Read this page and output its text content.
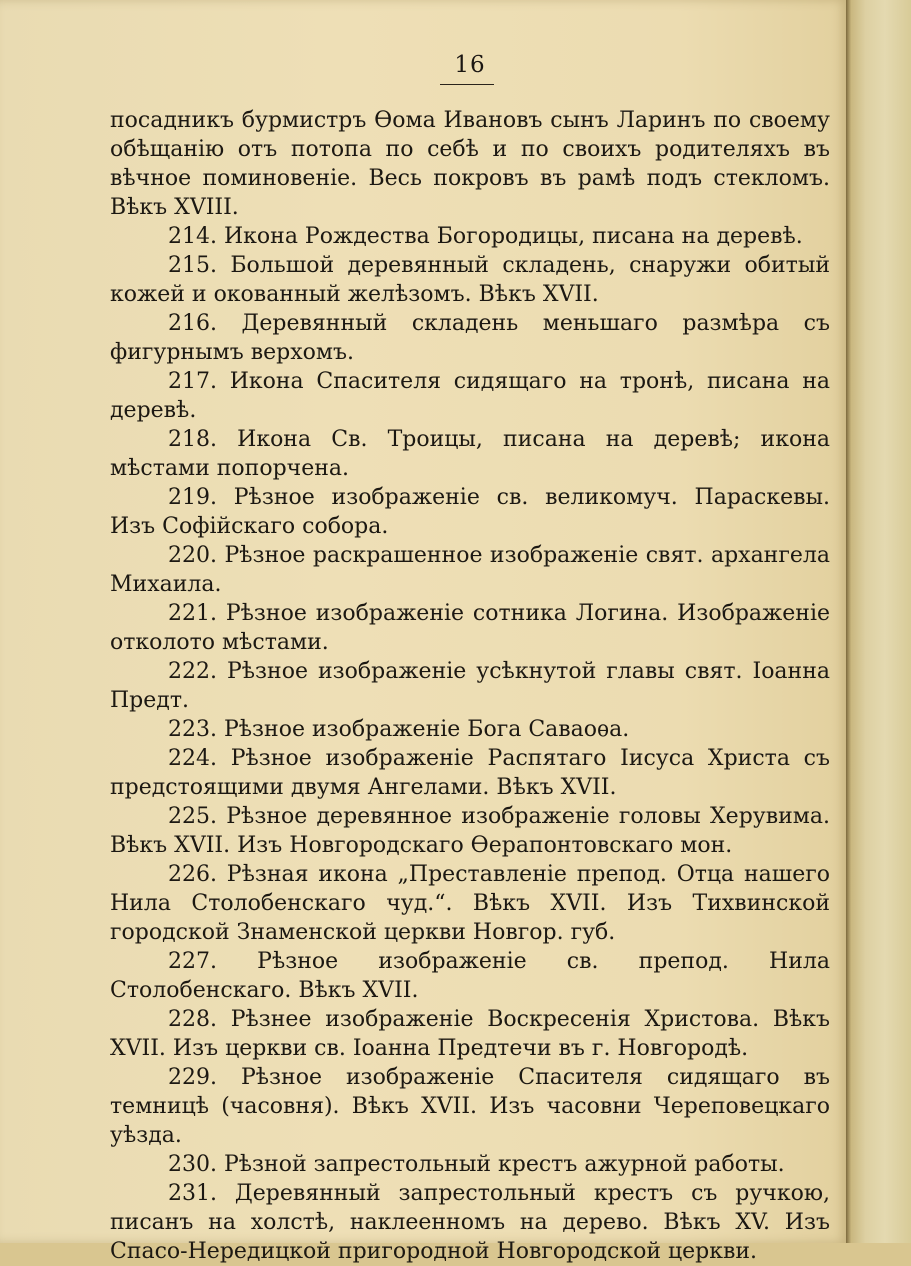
16

посадникъ бурмистръ Ѳома Ивановъ сынъ Ларинъ по своему обѣщанію отъ потопа по себѣ и по своихъ родителяхъ въ вѣчное поминовеніе. Весь покровъ въ рамѣ подъ стекломъ. Вѣкъ XVIII.

214. Икона Рождества Богородицы, писана на деревѣ.

215. Большой деревянный складень, снаружи обитый кожей и окованный желѣзомъ. Вѣкъ XVII.

216. Деревянный складень меньшаго размѣра съ фигурнымъ верхомъ.

217. Икона Спасителя сидящаго на тронѣ, писана на деревѣ.

218. Икона Св. Троицы, писана на деревѣ; икона мѣстами попорчена.

219. Рѣзное изображеніе св. великомуч. Параскевы. Изъ Софійскаго собора.

220. Рѣзное раскрашенное изображеніе свят. архангела Михаила.

221. Рѣзное изображеніе сотника Логина. Изображеніе отколото мѣстами.

222. Рѣзное изображеніе усѣкнутой главы свят. Іоанна Предт.

223. Рѣзное изображеніе Бога Саваоѳа.

224. Рѣзное изображеніе Распятаго Іисуса Христа съ предстоящими двумя Ангелами. Вѣкъ XVII.

225. Рѣзное деревянное изображеніе головы Херувима. Вѣкъ XVII. Изъ Новгородскаго Ѳерапонтовскаго мон.

226. Рѣзная икона „Преставленіе препод. Отца нашего Нила Столобенскаго чуд.“. Вѣкъ XVII. Изъ Тихвинской городской Знаменской церкви Новгор. губ.

227. Рѣзное изображеніе св. препод. Нила Столобенскаго. Вѣкъ XVII.

228. Рѣзнее изображеніе Воскресенія Христова. Вѣкъ XVII. Изъ церкви св. Іоанна Предтечи въ г. Новгородѣ.

229. Рѣзное изображеніе Спасителя сидящаго въ темницѣ (часовня). Вѣкъ XVII. Изъ часовни Череповецкаго уѣзда.

230. Рѣзной запрестольный крестъ ажурной работы.

231. Деревянный запрестольный крестъ съ ручкою, писанъ на холстѣ, наклеенномъ на дерево. Вѣкъ XV. Изъ Спасо-Нередицкой пригородной Новгородской церкви.
